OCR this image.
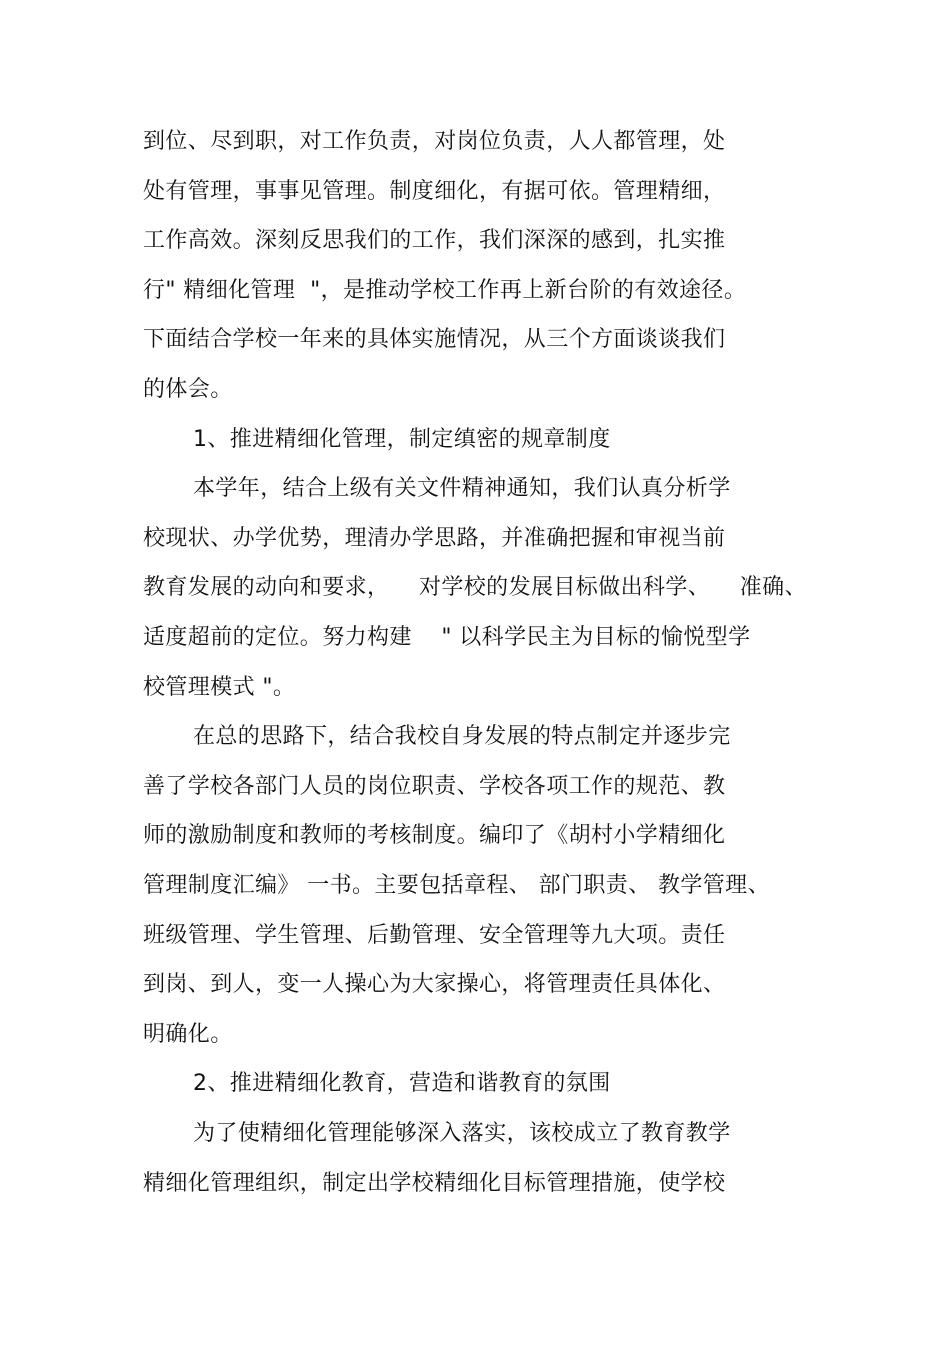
到位、尽到职，对工作负责，对岗位负责，人人都管理，处
处有管理，事事见管理。制度细化，有据可依。管理精细，
工作高效。深刻反思我们的工作，我们深深的感到，扎实推
行" 精细化管理  "，是推动学校工作再上新台阶的有效途径。
下面结合学校一年来的具体实施情况，从三个方面谈谈我们
的体会。
1、推进精细化管理，制定缜密的规章制度
本学年，结合上级有关文件精神通知，我们认真分析学
校现状、办学优势，理清办学思路，并准确把握和审视当前
教育发展的动向和要求，    对学校的发展目标做出科学、    准确、
适度超前的定位。努力构建    " 以科学民主为目标的愉悦型学
校管理模式 "。
在总的思路下，结合我校自身发展的特点制定并逐步完
善了学校各部门人员的岗位职责、学校各项工作的规范、教
师的激励制度和教师的考核制度。编印了《胡村小学精细化
管理制度汇编》 一书。主要包括章程、 部门职责、 教学管理、
班级管理、学生管理、后勤管理、安全管理等九大项。责任
到岗、到人，变一人操心为大家操心，将管理责任具体化、
明确化。
2、推进精细化教育，营造和谐教育的氛围
为了使精细化管理能够深入落实，该校成立了教育教学
精细化管理组织，制定出学校精细化目标管理措施，使学校
